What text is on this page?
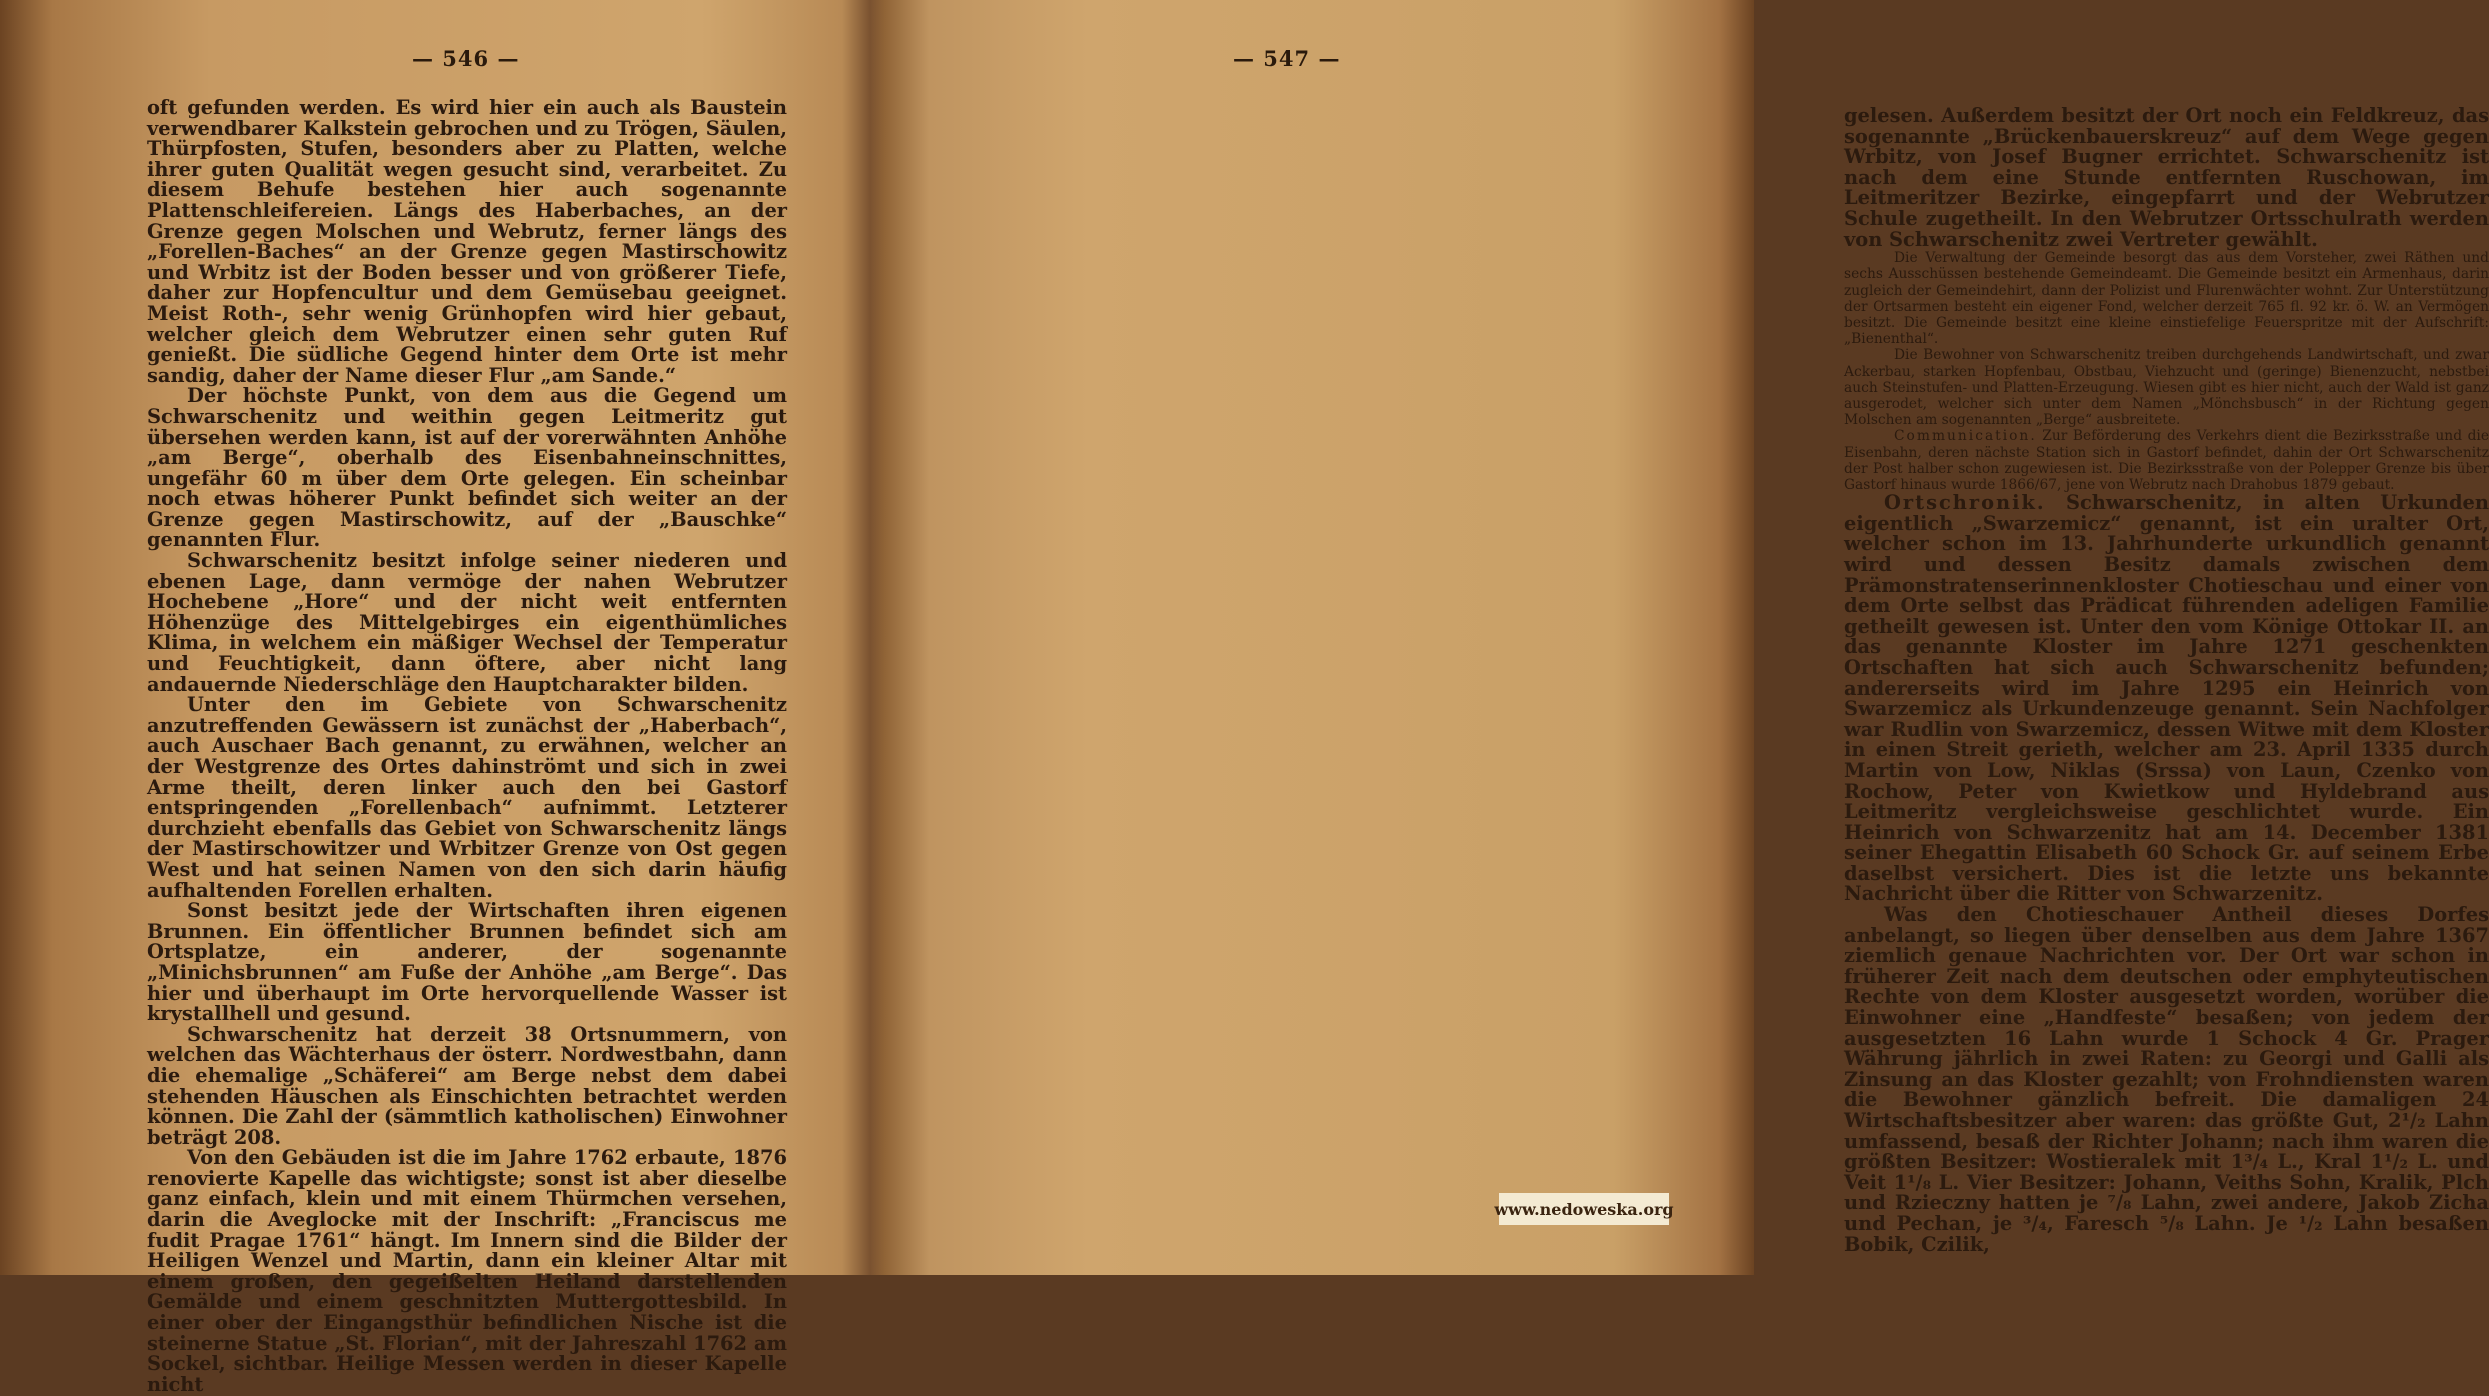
— 546 —

oft gefunden werden. Es wird hier ein auch als Baustein verwendbarer Kalkstein gebrochen und zu Trögen, Säulen, Thürpfosten, Stufen, besonders aber zu Platten, welche ihrer guten Qualität wegen gesucht sind, verarbeitet. Zu diesem Behufe bestehen hier auch sogenannte Plattenschleifereien. Längs des Haberbaches, an der Grenze gegen Molschen und Webrutz, ferner längs des „Forellen-Baches“ an der Grenze gegen Mastirschowitz und Wrbitz ist der Boden besser und von größerer Tiefe, daher zur Hopfencultur und dem Gemüsebau geeignet. Meist Roth-, sehr wenig Grünhopfen wird hier gebaut, welcher gleich dem Webrutzer einen sehr guten Ruf genießt. Die südliche Gegend hinter dem Orte ist mehr sandig, daher der Name dieser Flur „am Sande.“

Der höchste Punkt, von dem aus die Gegend um Schwarschenitz und weithin gegen Leitmeritz gut übersehen werden kann, ist auf der vorerwähnten Anhöhe „am Berge“, oberhalb des Eisenbahneinschnittes, ungefähr 60 m über dem Orte gelegen. Ein scheinbar noch etwas höherer Punkt befindet sich weiter an der Grenze gegen Mastirschowitz, auf der „Bauschke“ genannten Flur.

Schwarschenitz besitzt infolge seiner niederen und ebenen Lage, dann vermöge der nahen Webrutzer Hochebene „Hore“ und der nicht weit entfernten Höhenzüge des Mittelgebirges ein eigenthümliches Klima, in welchem ein mäßiger Wechsel der Temperatur und Feuchtigkeit, dann öftere, aber nicht lang andauernde Niederschläge den Hauptcharakter bilden.

Unter den im Gebiete von Schwarschenitz anzutreffenden Gewässern ist zunächst der „Haberbach“, auch Auschaer Bach genannt, zu erwähnen, welcher an der Westgrenze des Ortes dahinströmt und sich in zwei Arme theilt, deren linker auch den bei Gastorf entspringenden „Forellenbach“ aufnimmt. Letzterer durchzieht ebenfalls das Gebiet von Schwarschenitz längs der Mastirschowitzer und Wrbitzer Grenze von Ost gegen West und hat seinen Namen von den sich darin häufig aufhaltenden Forellen erhalten.

Sonst besitzt jede der Wirtschaften ihren eigenen Brunnen. Ein öffentlicher Brunnen befindet sich am Ortsplatze, ein anderer, der sogenannte „Minichsbrunnen“ am Fuße der Anhöhe „am Berge“. Das hier und überhaupt im Orte hervorquellende Wasser ist krystallhell und gesund.

Schwarschenitz hat derzeit 38 Ortsnummern, von welchen das Wächterhaus der österr. Nordwestbahn, dann die ehemalige „Schäferei“ am Berge nebst dem dabei stehenden Häuschen als Einschichten betrachtet werden können. Die Zahl der (sämmtlich katholischen) Einwohner beträgt 208.

Von den Gebäuden ist die im Jahre 1762 erbaute, 1876 renovierte Kapelle das wichtigste; sonst ist aber dieselbe ganz einfach, klein und mit einem Thürmchen versehen, darin die Aveglocke mit der Inschrift: „Franciscus me fudit Pragae 1761“ hängt. Im Innern sind die Bilder der Heiligen Wenzel und Martin, dann ein kleiner Altar mit einem großen, den gegeißelten Heiland darstellenden Gemälde und einem geschnitzten Muttergottesbild. In einer ober der Eingangsthür befindlichen Nische ist die steinerne Statue „St. Florian“, mit der Jahreszahl 1762 am Sockel, sichtbar. Heilige Messen werden in dieser Kapelle nicht

— 547 —

gelesen. Außerdem besitzt der Ort noch ein Feldkreuz, das sogenannte „Brückenbauerskreuz“ auf dem Wege gegen Wrbitz, von Josef Bugner errichtet. Schwarschenitz ist nach dem eine Stunde entfernten Ruschowan, im Leitmeritzer Bezirke, eingepfarrt und der Webrutzer Schule zugetheilt. In den Webrutzer Ortsschulrath werden von Schwarschenitz zwei Vertreter gewählt.

Die Verwaltung der Gemeinde besorgt das aus dem Vorsteher, zwei Räthen und sechs Ausschüssen bestehende Gemeindeamt. Die Gemeinde besitzt ein Armenhaus, darin zugleich der Gemeindehirt, dann der Polizist und Flurenwächter wohnt. Zur Unterstützung der Ortsarmen besteht ein eigener Fond, welcher derzeit 765 fl. 92 kr. ö. W. an Vermögen besitzt. Die Gemeinde besitzt eine kleine einstiefelige Feuerspritze mit der Aufschrift: „Bienenthal“.

Die Bewohner von Schwarschenitz treiben durchgehends Landwirtschaft, und zwar Ackerbau, starken Hopfenbau, Obstbau, Viehzucht und (geringe) Bienenzucht, nebstbei auch Steinstufen- und Platten-Erzeugung. Wiesen gibt es hier nicht, auch der Wald ist ganz ausgerodet, welcher sich unter dem Namen „Mönchsbusch“ in der Richtung gegen Molschen am sogenannten „Berge“ ausbreitete.

Communication. Zur Beförderung des Verkehrs dient die Bezirksstraße und die Eisenbahn, deren nächste Station sich in Gastorf befindet, dahin der Ort Schwarschenitz der Post halber schon zugewiesen ist. Die Bezirksstraße von der Polepper Grenze bis über Gastorf hinaus wurde 1866/67, jene von Webrutz nach Drahobus 1879 gebaut.

Ortschronik. Schwarschenitz, in alten Urkunden eigentlich „Swarzemicz“ genannt, ist ein uralter Ort, welcher schon im 13. Jahrhunderte urkundlich genannt wird und dessen Besitz damals zwischen dem Prämonstratenserinnenkloster Chotieschau und einer von dem Orte selbst das Prädicat führenden adeligen Familie getheilt gewesen ist. Unter den vom Könige Ottokar II. an das genannte Kloster im Jahre 1271 geschenkten Ortschaften hat sich auch Schwarschenitz befunden; andererseits wird im Jahre 1295 ein Heinrich von Swarzemicz als Urkundenzeuge genannt. Sein Nachfolger war Rudlin von Swarzemicz, dessen Witwe mit dem Kloster in einen Streit gerieth, welcher am 23. April 1335 durch Martin von Low, Niklas (Srssa) von Laun, Czenko von Rochow, Peter von Kwietkow und Hyldebrand aus Leitmeritz vergleichsweise geschlichtet wurde. Ein Heinrich von Schwarzenitz hat am 14. December 1381 seiner Ehegattin Elisabeth 60 Schock Gr. auf seinem Erbe daselbst versichert. Dies ist die letzte uns bekannte Nachricht über die Ritter von Schwarzenitz.

Was den Chotieschauer Antheil dieses Dorfes anbelangt, so liegen über denselben aus dem Jahre 1367 ziemlich genaue Nachrichten vor. Der Ort war schon in früherer Zeit nach dem deutschen oder emphyteutischen Rechte von dem Kloster ausgesetzt worden, worüber die Einwohner eine „Handfeste“ besaßen; von jedem der ausgesetzten 16 Lahn wurde 1 Schock 4 Gr. Prager Währung jährlich in zwei Raten: zu Georgi und Galli als Zinsung an das Kloster gezahlt; von Frohndiensten waren die Bewohner gänzlich befreit. Die damaligen 24 Wirtschaftsbesitzer aber waren: das größte Gut, 2¹/₂ Lahn umfassend, besaß der Richter Johann; nach ihm waren die größten Besitzer: Wostieralek mit 1³/₄ L., Kral 1¹/₂ L. und Veit 1¹/₈ L. Vier Besitzer: Johann, Veiths Sohn, Kralik, Plch und Rzieczny hatten je ⁷/₈ Lahn, zwei andere, Jakob Zicha und Pechan, je ³/₄, Faresch ⁵/₈ Lahn. Je ¹/₂ Lahn besaßen Bobik, Czilik,

www.nedoweska.org
